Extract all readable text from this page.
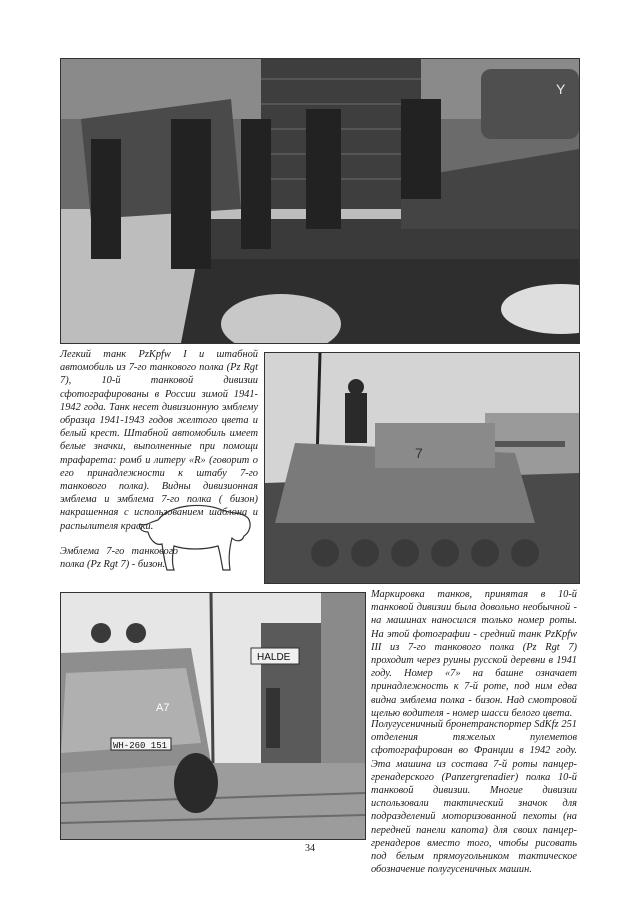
Y
7
HALDE
WH-260 151
A7

Легкий танк PzKpfw I и штабной автомобиль из 7-го танкового полка (Pz Rgt 7), 10-й танковой дивизии сфотографированы в России зимой 1941-1942 года. Танк несет дивизионную эмблему образца 1941-1943 годов желтого цвета и белый крест. Штабной автомобиль имеет белые значки, выполненные при помощи трафарета: ромб и литеру «R» (говорит о его принадлежности к штабу 7-го танкового полка). Видны дивизионная эмблема и эмблема 7-го полка ( бизон) накрашенная с использованием шаблона и распылителя краски.

Эмблема 7-го танкового полка (Pz Rgt 7) - бизон.

Маркировка танков, принятая в 10-й танковой дивизии была довольно необычной - на машинах наносился только номер роты. На этой фотографии - средний танк PzKpfw III из 7-го танкового полка (Pz Rgt 7) проходит через руины русской деревни в 1941 году. Номер «7» на башне означает принадлежность к 7-й роте, под ним едва видна эмблема полка - бизон. Над смотровой щелью водителя - номер шасси белого цвета.

Полугусеничный бронетранспортер SdKfz 251 отделения тяжелых пулеметов сфотографирован во Франции в 1942 году. Эта машина из состава 7-й роты панцер-гренадерского (Panzergrenadier) полка 10-й танковой дивизии. Многие дивизии использовали тактический значок для подразделений моторизованной пехоты (на передней панели капота) для своих панцер-гренадеров вместо того, чтобы рисовать под белым прямоугольником тактическое обозначение полугусеничных машин.

34
